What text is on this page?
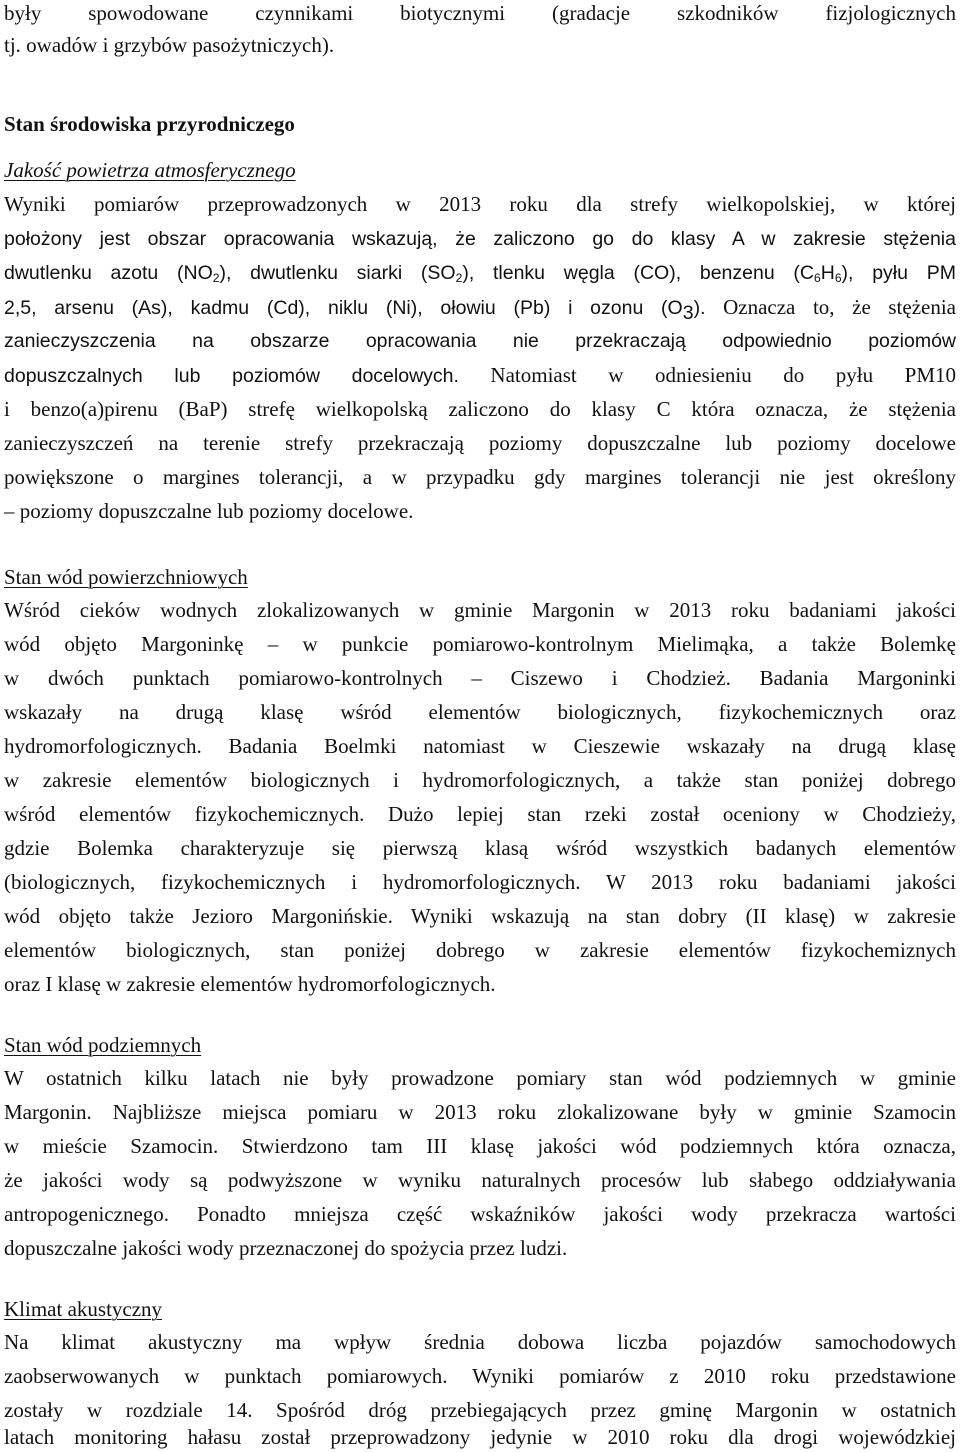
były spowodowane czynnikami biotycznymi (gradacje szkodników fizjologicznych
tj. owadów i grzybów pasożytniczych).
Stan środowiska przyrodniczego
Jakość powietrza atmosferycznego
Wyniki pomiarów przeprowadzonych w 2013 roku dla strefy wielkopolskiej, w której
położony jest obszar opracowania wskazują, że zaliczono go do klasy A w zakresie stężenia
dwutlenku azotu $(NO_2)$, dwutlenku siarki $(SO_2)$, tlenku węgla (CO), benzenu $(C_6H_6)$, pyłu PM
2,5, arsenu (As), kadmu (Cd), niklu (Ni), ołowiu (Pb) i ozonu $(O_3)$. Oznacza to, że stężenia
zanieczyszczenia na obszarze opracowania nie przekraczają odpowiednio poziomów
dopuszczalnych lub poziomów docelowych. Natomiast w odniesieniu do pyłu PM10
i benzo(a)pirenu (BaP) strefę wielkopolską zaliczono do klasy C która oznacza, że stężenia
zanieczyszczeń na terenie strefy przekraczają poziomy dopuszczalne lub poziomy docelowe
powiększone o margines tolerancji, a w przypadku gdy margines tolerancji nie jest określony
– poziomy dopuszczalne lub poziomy docelowe.
Stan wód powierzchniowych
Wśród cieków wodnych zlokalizowanych w gminie Margonin w 2013 roku badaniami jakości
wód objęto Margoninkę – w punkcie pomiarowo-kontrolnym Mielimąka, a także Bolemkę
w dwóch punktach pomiarowo-kontrolnych – Ciszewo i Chodzież. Badania Margoninki
wskazały na drugą klasę wśród elementów biologicznych, fizykochemicznych oraz
hydromorfologicznych. Badania Boelmki natomiast w Cieszewie wskazały na drugą klasę
w zakresie elementów biologicznych i hydromorfologicznych, a także stan poniżej dobrego
wśród elementów fizykochemicznych. Dużo lepiej stan rzeki został oceniony w Chodzieży,
gdzie Bolemka charakteryzuje się pierwszą klasą wśród wszystkich badanych elementów
(biologicznych, fizykochemicznych i hydromorfologicznych. W 2013 roku badaniami jakości
wód objęto także Jezioro Margonińskie. Wyniki wskazują na stan dobry (II klasę) w zakresie
elementów biologicznych, stan poniżej dobrego w zakresie elementów fizykochemiznych
oraz I klasę w zakresie elementów hydromorfologicznych.
Stan wód podziemnych
W ostatnich kilku latach nie były prowadzone pomiary stan wód podziemnych w gminie
Margonin. Najbliższe miejsca pomiaru w 2013 roku zlokalizowane były w gminie Szamocin
w mieście Szamocin. Stwierdzono tam III klasę jakości wód podziemnych która oznacza,
że jakości wody są podwyższone w wyniku naturalnych procesów lub słabego oddziaływania
antropogenicznego. Ponadto mniejsza część wskaźników jakości wody przekracza wartości
dopuszczalne jakości wody przeznaczonej do spożycia przez ludzi.
Klimat akustyczny
Na klimat akustyczny ma wpływ średnia dobowa liczba pojazdów samochodowych
zaobserwowanych w punktach pomiarowych. Wyniki pomiarów z 2010 roku przedstawione
zostały w rozdziale 14. Spośród dróg przebiegających przez gminę Margonin w ostatnich
latach monitoring hałasu został przeprowadzony jedynie w 2010 roku dla drogi wojewódzkiej
